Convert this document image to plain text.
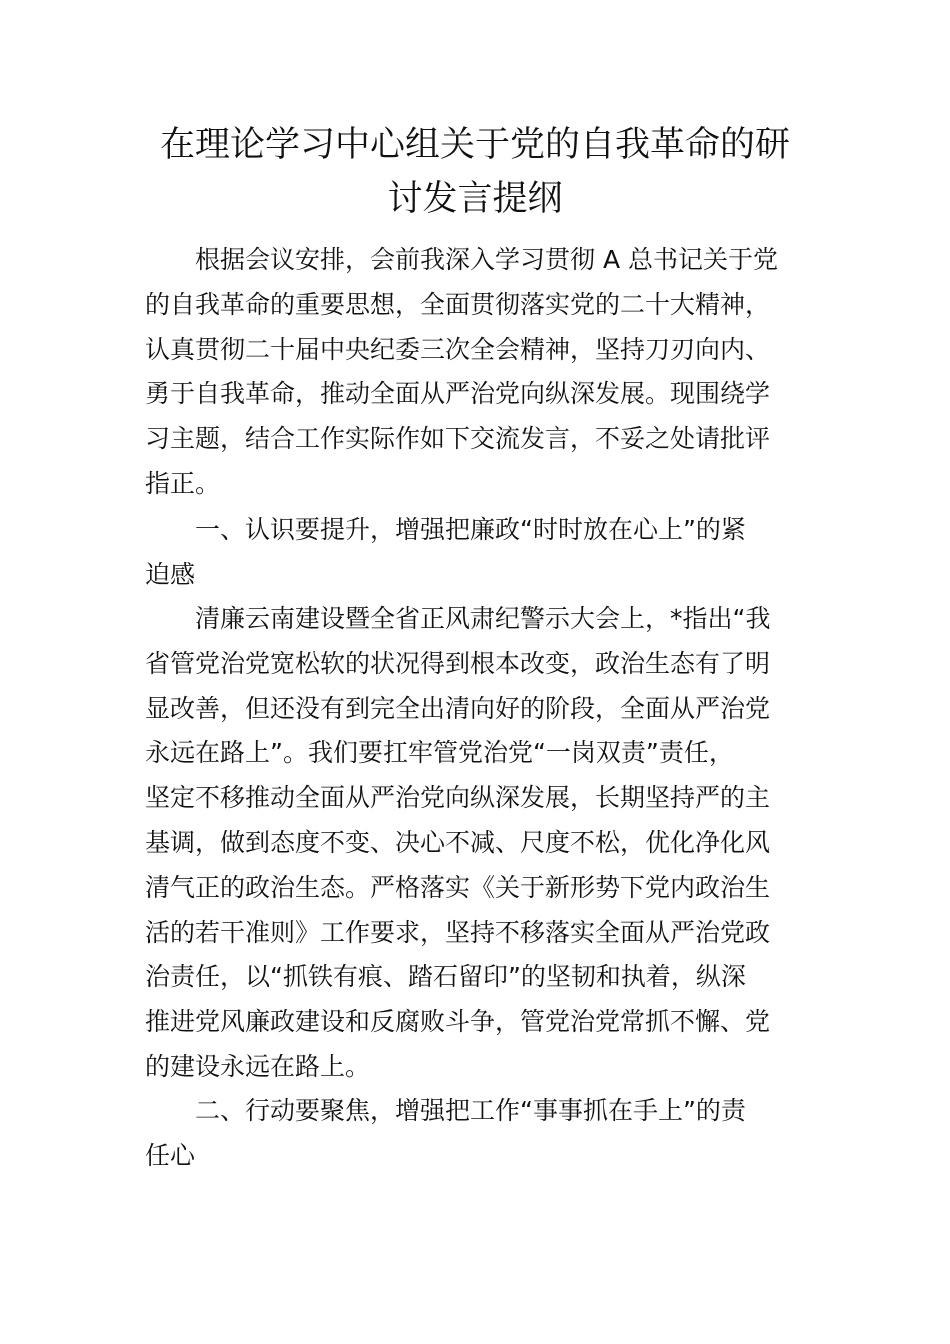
在理论学习中心组关于党的自我革命的研
讨发言提纲

　　根据会议安排，会前我深入学习贯彻 A 总书记关于党
的自我革命的重要思想，全面贯彻落实党的二十大精神，
认真贯彻二十届中央纪委三次全会精神，坚持刀刃向内、
勇于自我革命，推动全面从严治党向纵深发展。现围绕学
习主题，结合工作实际作如下交流发言，不妥之处请批评
指正。

　　一、认识要提升，增强把廉政“时时放在心上”的紧
迫感

　　清廉云南建设暨全省正风肃纪警示大会上，*指出“我
省管党治党宽松软的状况得到根本改变，政治生态有了明
显改善，但还没有到完全出清向好的阶段，全面从严治党
永远在路上”。我们要扛牢管党治党“一岗双责”责任，
坚定不移推动全面从严治党向纵深发展，长期坚持严的主
基调，做到态度不变、决心不减、尺度不松，优化净化风
清气正的政治生态。严格落实《关于新形势下党内政治生
活的若干准则》工作要求，坚持不移落实全面从严治党政
治责任，以“抓铁有痕、踏石留印”的坚韧和执着，纵深
推进党风廉政建设和反腐败斗争，管党治党常抓不懈、党
的建设永远在路上。

　　二、行动要聚焦，增强把工作“事事抓在手上”的责
任心
